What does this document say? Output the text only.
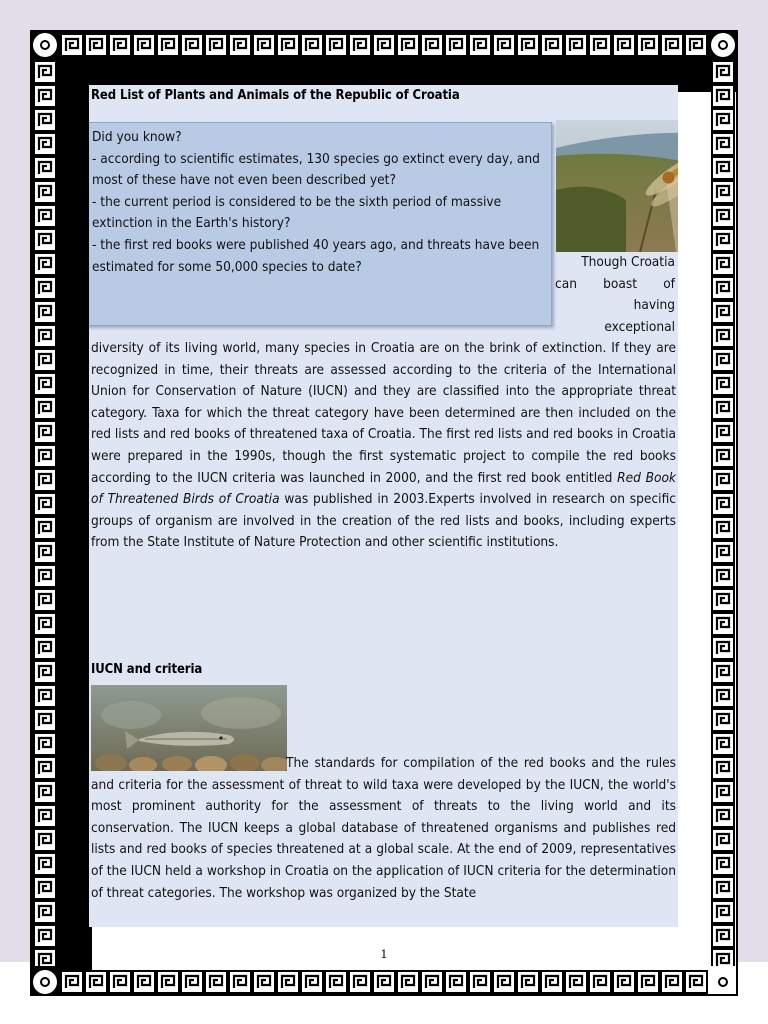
Red List of Plants and Animals of the Republic of Croatia

Did you know?

- according to scientific estimates, 130 species go extinct every day, and most of these have not even been described yet?

- the current period is considered to be the sixth period of massive extinction in the Earth's history?

- the first red books were published 40 years ago, and threats have been estimated for some 50,000 species to date?	Though Croatia
can boast of
having
exceptional

diversity of its living world, many species in Croatia are on the brink of extinction. If they are recognized in time, their threats are assessed according to the criteria of the International Union for Conservation of Nature (IUCN) and they are classified into the appropriate threat category. Taxa for which the threat category have been determined are then included on the red lists and red books of threatened taxa of Croatia. The first red lists and red books in Croatia were prepared in the 1990s, though the first systematic project to compile the red books according to the IUCN criteria was launched in 2000, and the first red book entitled Red Book of Threatened Birds of Croatia was published in 2003.Experts involved in research on specific groups of organism are involved in the creation of the red lists and books, including experts from the State Institute of Nature Protection and other scientific institutions.

IUCN and criteria

The standards for compilation of the red books and the rules and criteria for the assessment of threat to wild taxa were developed by the IUCN, the world's most prominent authority for the assessment of threats to the living world and its conservation. The IUCN keeps a global database of threatened organisms and publishes red lists and red books of species threatened at a global scale. At the end of 2009, representatives of the IUCN held a workshop in Croatia on the application of IUCN criteria for the determination of threat categories. The workshop was organized by the State

1
